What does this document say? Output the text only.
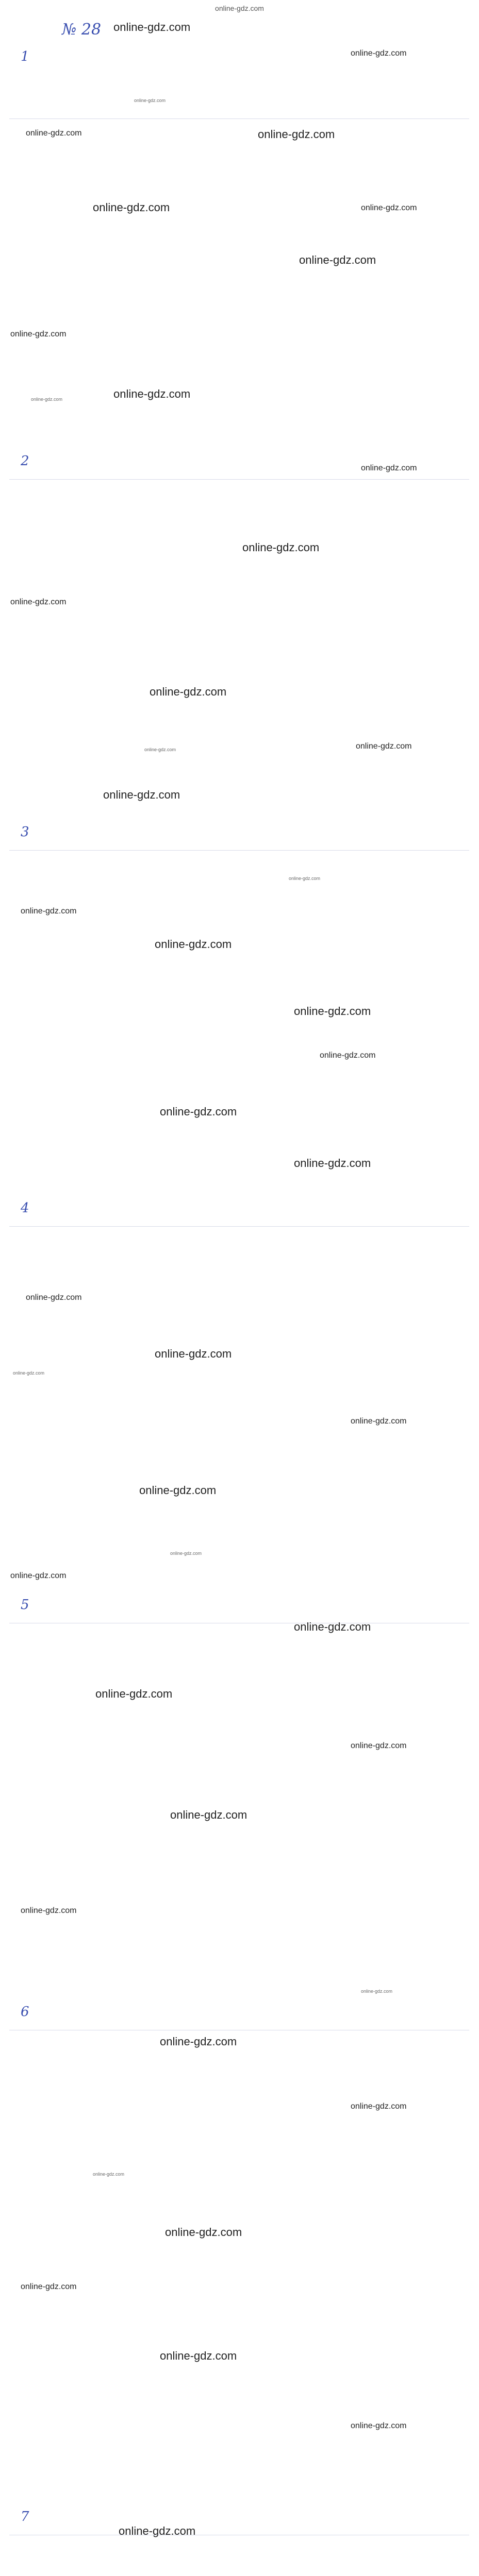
online-gdz.com
№ 28
1
2
3
4
5
6
7
online-gdz.com
online-gdz.com
online-gdz.com
online-gdz.com
online-gdz.com
online-gdz.com
online-gdz.com
online-gdz.com
online-gdz.com
online-gdz.com
online-gdz.com
online-gdz.com
online-gdz.com
online-gdz.com
online-gdz.com
online-gdz.com
online-gdz.com
online-gdz.com
online-gdz.com
online-gdz.com
online-gdz.com
online-gdz.com
online-gdz.com
online-gdz.com
online-gdz.com
online-gdz.com
online-gdz.com
online-gdz.com
online-gdz.com
online-gdz.com
online-gdz.com
online-gdz.com
online-gdz.com
online-gdz.com
online-gdz.com
online-gdz.com
online-gdz.com
online-gdz.com
online-gdz.com
online-gdz.com
online-gdz.com
online-gdz.com
online-gdz.com
online-gdz.com
online-gdz.com
online-gdz.com
